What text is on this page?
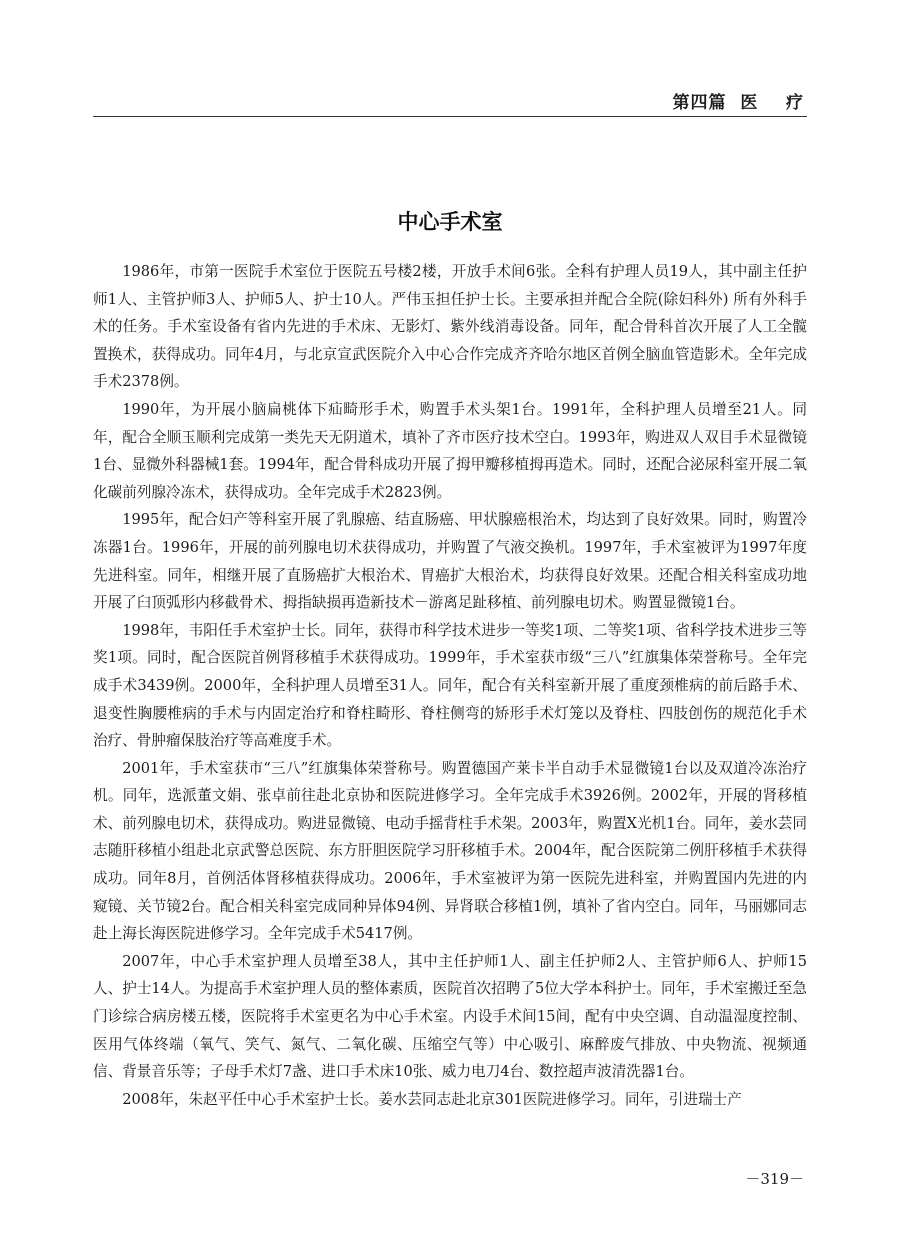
第四篇  医    疗
中心手术室

1986年，市第一医院手术室位于医院五号楼2楼，开放手术间6张。全科有护理人员19人，其中副主任护师1人、主管护师3人、护师5人、护士10人。严伟玉担任护士长。主要承担并配合全院(除妇科外) 所有外科手术的任务。手术室设备有省内先进的手术床、无影灯、紫外线消毒设备。同年，配合骨科首次开展了人工全髋置换术，获得成功。同年4月，与北京宣武医院介入中心合作完成齐齐哈尔地区首例全脑血管造影术。全年完成手术2378例。

1990年，为开展小脑扁桃体下疝畸形手术，购置手术头架1台。1991年，全科护理人员增至21人。同年，配合全顺玉顺利完成第一类先天无阴道术，填补了齐市医疗技术空白。1993年，购进双人双目手术显微镜1台、显微外科器械1套。1994年，配合骨科成功开展了拇甲瓣移植拇再造术。同时，还配合泌尿科室开展二氧化碳前列腺冷冻术，获得成功。全年完成手术2823例。

1995年，配合妇产等科室开展了乳腺癌、结直肠癌、甲状腺癌根治术，均达到了良好效果。同时，购置冷冻器1台。1996年，开展的前列腺电切术获得成功，并购置了气液交换机。1997年，手术室被评为1997年度先进科室。同年，相继开展了直肠癌扩大根治术、胃癌扩大根治术，均获得良好效果。还配合相关科室成功地开展了臼顶弧形内移截骨术、拇指缺损再造新技术－游离足趾移植、前列腺电切术。购置显微镜1台。

1998年，韦阳任手术室护士长。同年，获得市科学技术进步一等奖1项、二等奖1项、省科学技术进步三等奖1项。同时，配合医院首例肾移植手术获得成功。1999年，手术室获市级“三八”红旗集体荣誉称号。全年完成手术3439例。2000年，全科护理人员增至31人。同年，配合有关科室新开展了重度颈椎病的前后路手术、退变性胸腰椎病的手术与内固定治疗和脊柱畸形、脊柱侧弯的矫形手术灯笼以及脊柱、四肢创伤的规范化手术治疗、骨肿瘤保肢治疗等高难度手术。

2001年，手术室获市“三八”红旗集体荣誉称号。购置德国产莱卡半自动手术显微镜1台以及双道冷冻治疗机。同年，选派董文娟、张卓前往赴北京协和医院进修学习。全年完成手术3926例。2002年，开展的肾移植术、前列腺电切术，获得成功。购进显微镜、电动手摇背柱手术架。2003年，购置X光机1台。同年，姜水芸同志随肝移植小组赴北京武警总医院、东方肝胆医院学习肝移植手术。2004年，配合医院第二例肝移植手术获得成功。同年8月，首例活体肾移植获得成功。2006年，手术室被评为第一医院先进科室，并购置国内先进的内窥镜、关节镜2台。配合相关科室完成同种异体94例、异肾联合移植1例，填补了省内空白。同年，马丽娜同志赴上海长海医院进修学习。全年完成手术5417例。

2007年，中心手术室护理人员增至38人，其中主任护师1人、副主任护师2人、主管护师6人、护师15人、护士14人。为提高手术室护理人员的整体素质，医院首次招聘了5位大学本科护士。同年，手术室搬迁至急门诊综合病房楼五楼，医院将手术室更名为中心手术室。内设手术间15间，配有中央空调、自动温湿度控制、医用气体终端（氧气、笑气、氮气、二氧化碳、压缩空气等）中心吸引、麻醉废气排放、中央物流、视频通信、背景音乐等；子母手术灯7盏、进口手术床10张、威力电刀4台、数控超声波清洗器1台。

2008年，朱赵平任中心手术室护士长。姜水芸同志赴北京301医院进修学习。同年，引进瑞士产

－319－
